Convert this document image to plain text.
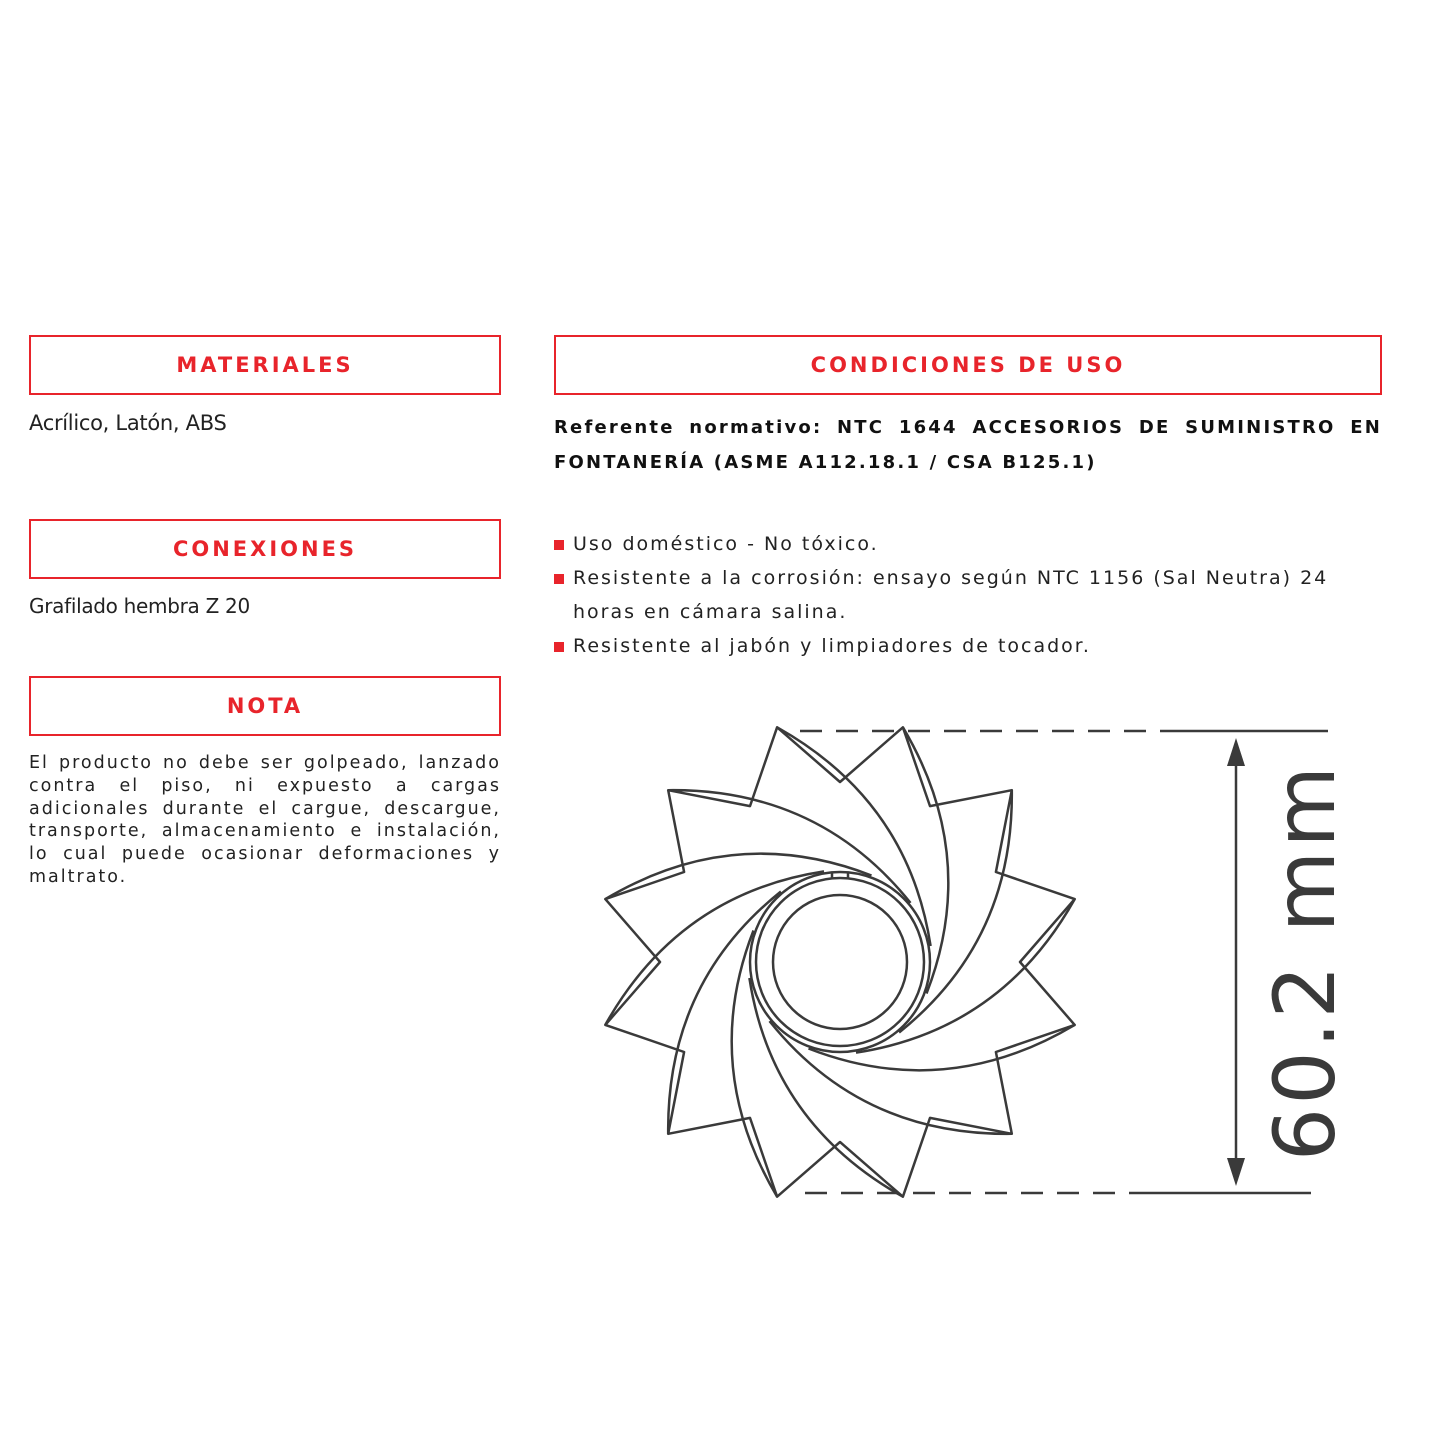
MATERIALES
Acrílico, Latón, ABS
CONEXIONES
Grafilado hembra Z 20
NOTA
El producto no debe ser golpeado, lanzado contra el piso, ni expuesto a cargas adicionales durante el cargue, descargue, transporte, almacenamiento e instalación, lo cual puede ocasionar deformaciones y maltrato.
CONDICIONES DE USO
Referente normativo: NTC 1644 ACCESORIOS DE SUMINISTRO EN FONTANERÍA (ASME A112.18.1 / CSA B125.1)
Uso doméstico - No tóxico.
Resistente a la corrosión: ensayo según NTC 1156 (Sal Neutra) 24 horas en cámara salina.
Resistente al jabón y limpiadores de tocador.
60.2 mm
